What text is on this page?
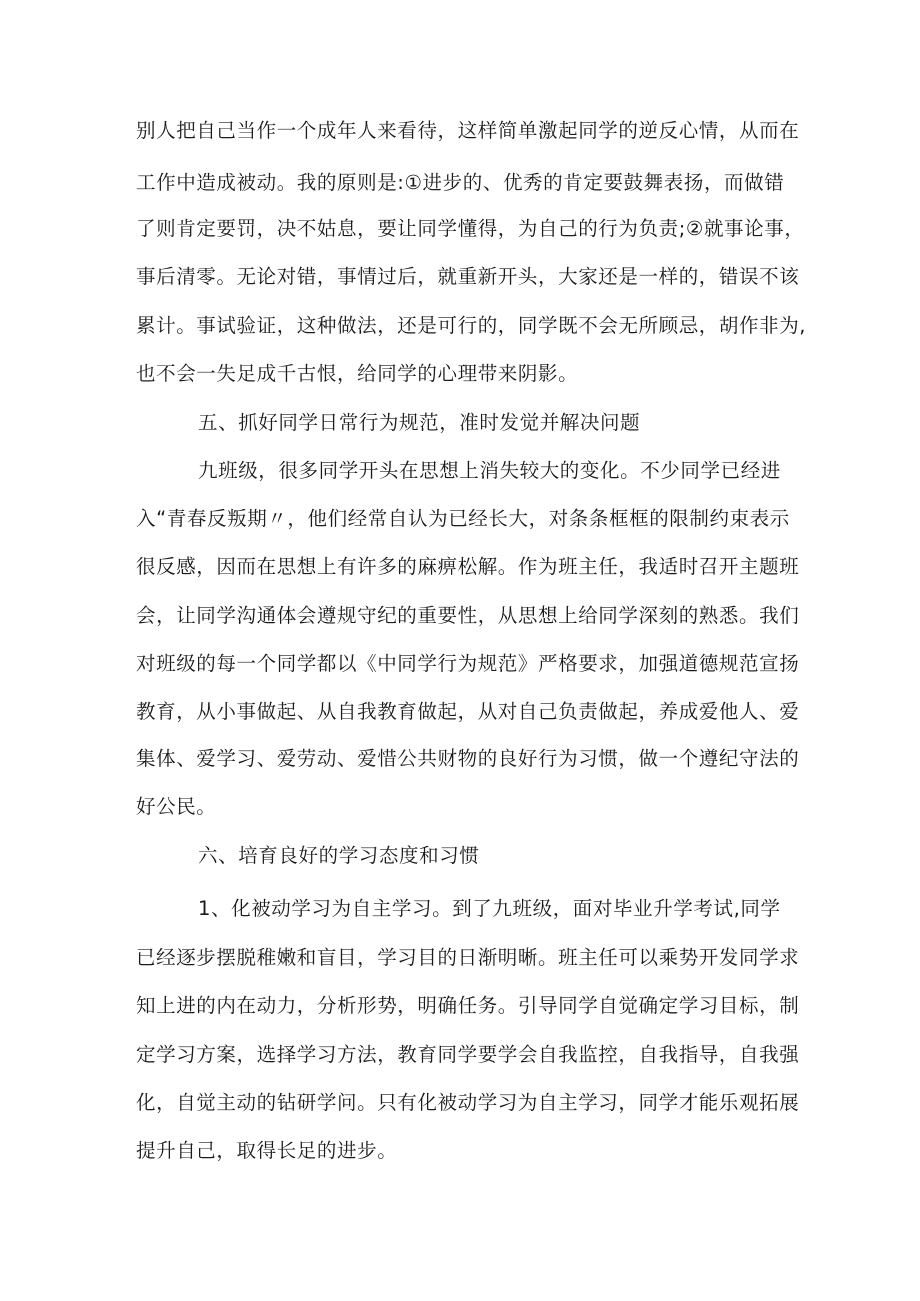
别人把自己当作一个成年人来看待，这样简单激起同学的逆反心情，从而在
工作中造成被动。我的原则是:①进步的、优秀的肯定要鼓舞表扬，而做错
了则肯定要罚，决不姑息，要让同学懂得，为自己的行为负责;②就事论事，
事后清零。无论对错，事情过后，就重新开头，大家还是一样的，错误不该
累计。事试验证，这种做法，还是可行的，同学既不会无所顾忌，胡作非为,
也不会一失足成千古恨，给同学的心理带来阴影。
五、抓好同学日常行为规范，准时发觉并解决问题
九班级，很多同学开头在思想上消失较大的变化。不少同学已经进
入“青春反叛期〃，他们经常自认为已经长大，对条条框框的限制约束表示
很反感，因而在思想上有许多的麻痹松解。作为班主任，我适时召开主题班
会，让同学沟通体会遵规守纪的重要性，从思想上给同学深刻的熟悉。我们
对班级的每一个同学都以《中同学行为规范》严格要求，加强道德规范宣扬
教育，从小事做起、从自我教育做起，从对自己负责做起，养成爱他人、爱
集体、爱学习、爱劳动、爱惜公共财物的良好行为习惯，做一个遵纪守法的
好公民。
六、培育良好的学习态度和习惯
1、化被动学习为自主学习。到了九班级，面对毕业升学考试,同学
已经逐步摆脱稚嫩和盲目，学习目的日渐明晰。班主任可以乘势开发同学求
知上进的内在动力，分析形势，明确任务。引导同学自觉确定学习目标，制
定学习方案，选择学习方法，教育同学要学会自我监控，自我指导，自我强
化，自觉主动的钻研学问。只有化被动学习为自主学习，同学才能乐观拓展
提升自己，取得长足的进步。
